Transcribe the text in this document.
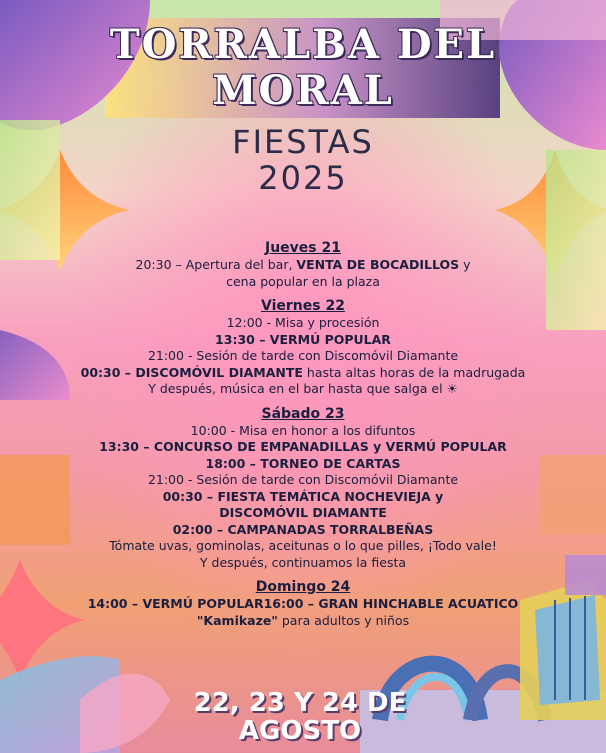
TORRALBA DEL
MORAL
FIESTAS
2025
Jueves 21
20:30 – Apertura del bar, VENTA DE BOCADILLOS y
cena popular en la plaza
Viernes 22
12:00 - Misa y procesión
13:30 – VERMÚ POPULAR
21:00 - Sesión de tarde con Discomóvil Diamante
00:30 – DISCOMÓVIL DIAMANTE hasta altas horas de la madrugada
Y después, música en el bar hasta que salga el ☀
Sábado 23
10:00 - Misa en honor a los difuntos
13:30 – CONCURSO DE EMPANADILLAS y VERMÚ POPULAR
18:00 – TORNEO DE CARTAS
21:00 - Sesión de tarde con Discomóvil Diamante
00:30 – FIESTA TEMÁTICA NOCHEVIEJA y
DISCOMÓVIL DIAMANTE
02:00 – CAMPANADAS TORRALBEÑAS
Tómate uvas, gominolas, aceitunas o lo que pilles, ¡Todo vale!
Y después, continuamos la fiesta
Domingo 24
14:00 – VERMÚ POPULAR16:00 – GRAN HINCHABLE ACUATICO
"Kamikaze" para adultos y niños
22, 23 Y 24 DE
AGOSTO
